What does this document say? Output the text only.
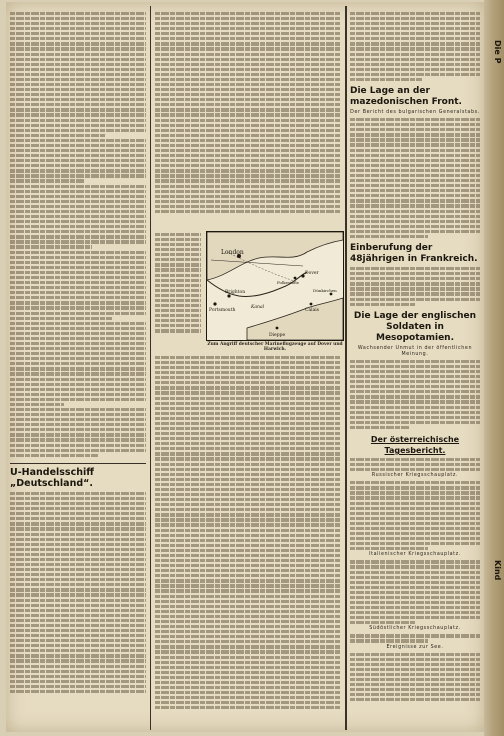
U-Handelsschiff „Deutschland“.
London
Brighton
Portsmouth
Dover
Folkestone
Calais
Dünkirchen
Dieppe
Kanal
Zum Angriff deutscher Marineflugzeuge auf Dover und Harwich.
Die Lage an der mazedonischen Front.
Der Bericht des bulgarischen Generalstabs.
Einberufung der 48jährigen in Frankreich.
Die Lage der englischen Soldaten in Mesopotamien.
Wachsender Unmut in der öffentlichen Meinung.
Der österreichische Tagesbericht.
Russischer Kriegsschauplatz.
Italienischer Kriegsschauplatz.
Südöstlicher Kriegsschauplatz.
Ereignisse zur See.
Die P
Kind
